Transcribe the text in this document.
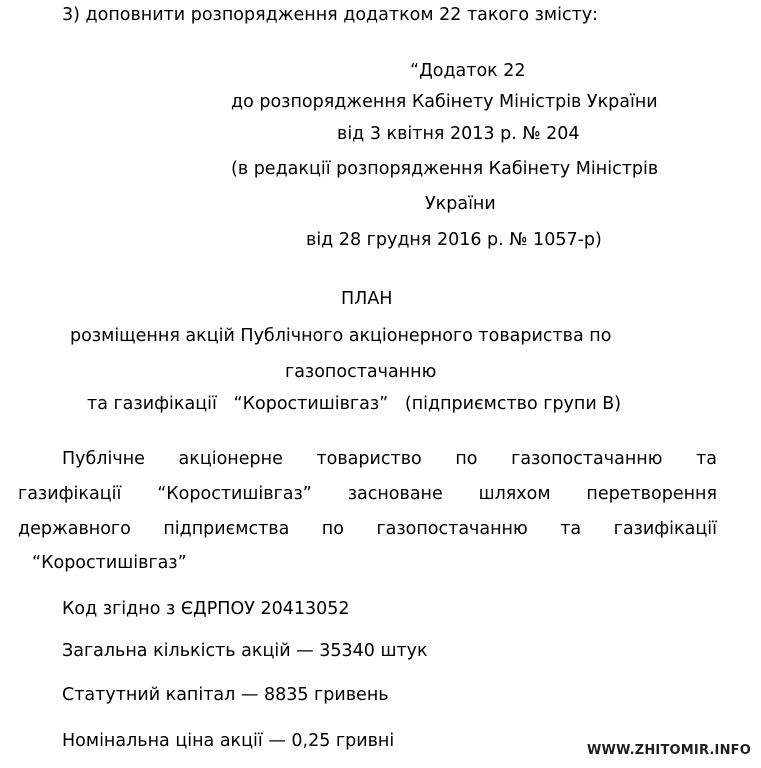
3) доповнити розпорядження додатком 22 такого змісту:
“Додаток 22
до розпорядження Кабінету Міністрів України
від 3 квітня 2013 р. № 204
(в редакції розпорядження Кабінету Міністрів
України
від 28 грудня 2016 р. № 1057-р)
ПЛАН
розміщення акцій Публічного акціонерного товариства по
газопостачанню
та газифікації   “Коростишівгаз”   (підприємство групи B)
Публічне акціонерне товариство по газопостачанню та
газифікації “Коростишівгаз” засноване шляхом перетворення
державного підприємства по газопостачанню та газифікації
“Коростишівгаз”
Код згідно з ЄДРПОУ 20413052
Загальна кількість акцій — 35340 штук
Статутний капітал — 8835 гривень
Номінальна ціна акції — 0,25 гривні	WWW.ZHITOMIR.INFO
